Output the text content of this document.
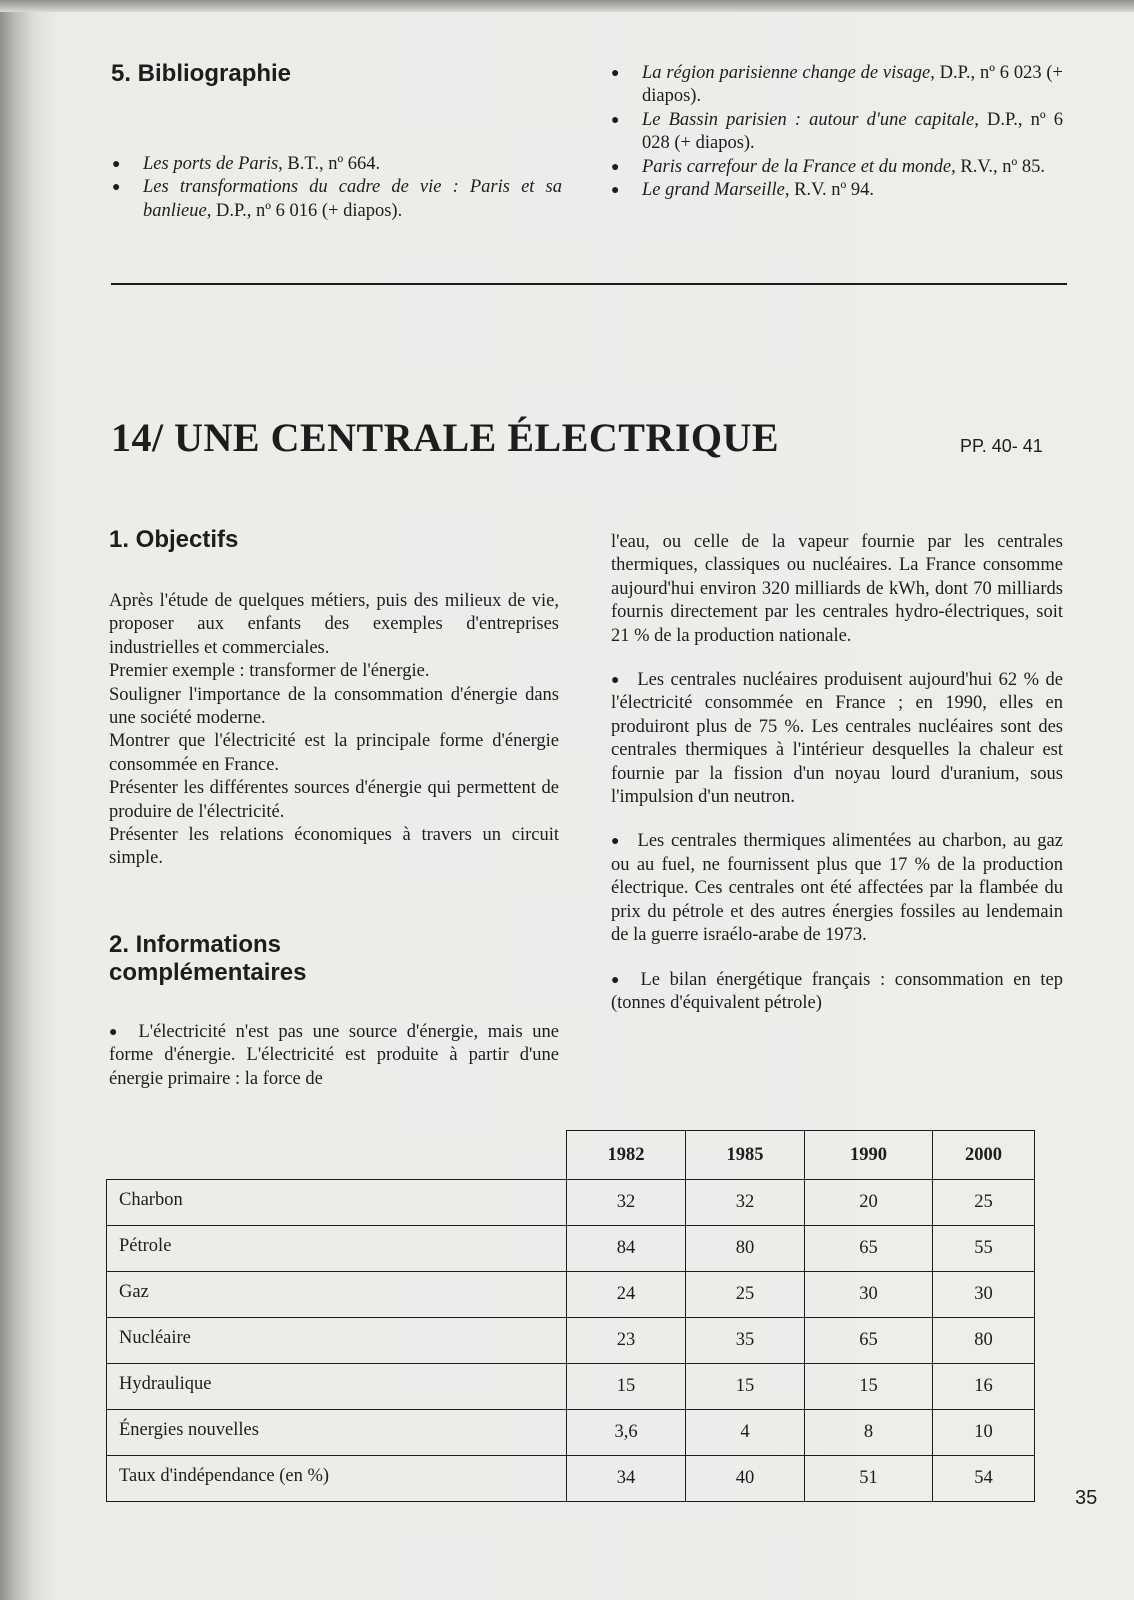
5. Bibliographie
● Les ports de Paris, B.T., nº 664.
● Les transformations du cadre de vie : Paris et sa banlieue, D.P., nº 6 016 (+ diapos).
● La région parisienne change de visage, D.P., nº 6 023 (+ diapos).
● Le Bassin parisien : autour d'une capitale, D.P., nº 6 028 (+ diapos).
● Paris carrefour de la France et du monde, R.V., nº 85.
● Le grand Marseille, R.V. nº 94.
14/ UNE CENTRALE ÉLECTRIQUE	PP. 40- 41
1. Objectifs

Après l'étude de quelques métiers, puis des milieux de vie, proposer aux enfants des exemples d'entreprises industrielles et commerciales.

Premier exemple : transformer de l'énergie.

Souligner l'importance de la consommation d'énergie dans une société moderne.

Montrer que l'électricité est la principale forme d'énergie consommée en France.

Présenter les différentes sources d'énergie qui permettent de produire de l'électricité.

Présenter les relations économiques à travers un circuit simple.

2. Informations
complémentaires

● L'électricité n'est pas une source d'énergie, mais une forme d'énergie. L'électricité est produite à partir d'une énergie primaire : la force de

l'eau, ou celle de la vapeur fournie par les centrales thermiques, classiques ou nucléaires. La France consomme aujourd'hui environ 320 milliards de kWh, dont 70 milliards fournis directement par les centrales hydro-électriques, soit 21 % de la production nationale.

● Les centrales nucléaires produisent aujourd'hui 62 % de l'électricité consommée en France ; en 1990, elles en produiront plus de 75 %. Les centrales nucléaires sont des centrales thermiques à l'intérieur desquelles la chaleur est fournie par la fission d'un noyau lourd d'uranium, sous l'impulsion d'un neutron.

● Les centrales thermiques alimentées au charbon, au gaz ou au fuel, ne fournissent plus que 17 % de la production électrique. Ces centrales ont été affectées par la flambée du prix du pétrole et des autres énergies fossiles au lendemain de la guerre israélo-arabe de 1973.

● Le bilan énergétique français : consommation en tep (tonnes d'équivalent pétrole)

	1982	1985	1990	2000
Charbon	32	32	20	25
Pétrole	84	80	65	55
Gaz	24	25	30	30
Nucléaire	23	35	65	80
Hydraulique	15	15	15	16
Énergies nouvelles	3,6	4	8	10
Taux d'indépendance (en %)	34	40	51	54
35
